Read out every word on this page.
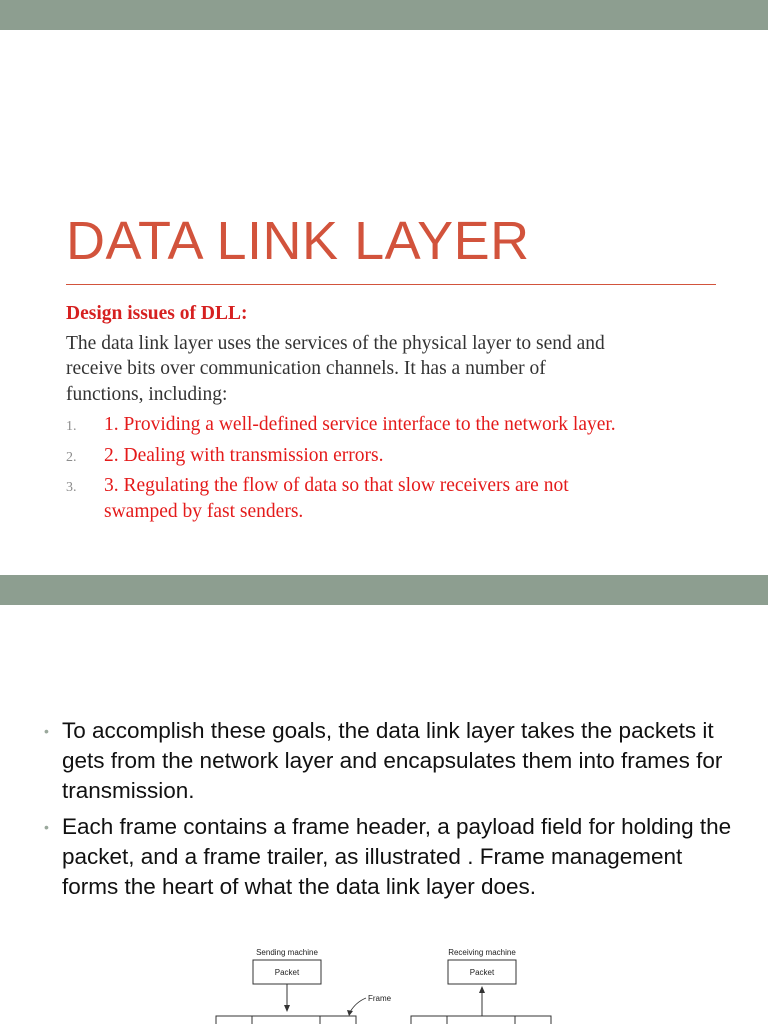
DATA LINK LAYER

Design issues of DLL:

The data link layer uses the services of the physical layer to send and receive bits over communication channels. It has a number of functions, including:

1. 1. Providing a well-defined service interface to the network layer.
2. 2. Dealing with transmission errors.
3. 3. Regulating the flow of data so that slow receivers are not swamped by fast senders.
• To accomplish these goals, the data link layer takes the packets it gets from the network layer and encapsulates them into frames for transmission.
• Each frame contains a frame header, a payload field for holding the packet, and a frame trailer, as illustrated . Frame management forms the heart of what the data link layer does.
Sending machine
Packet
Frame
Receiving machine
Packet
